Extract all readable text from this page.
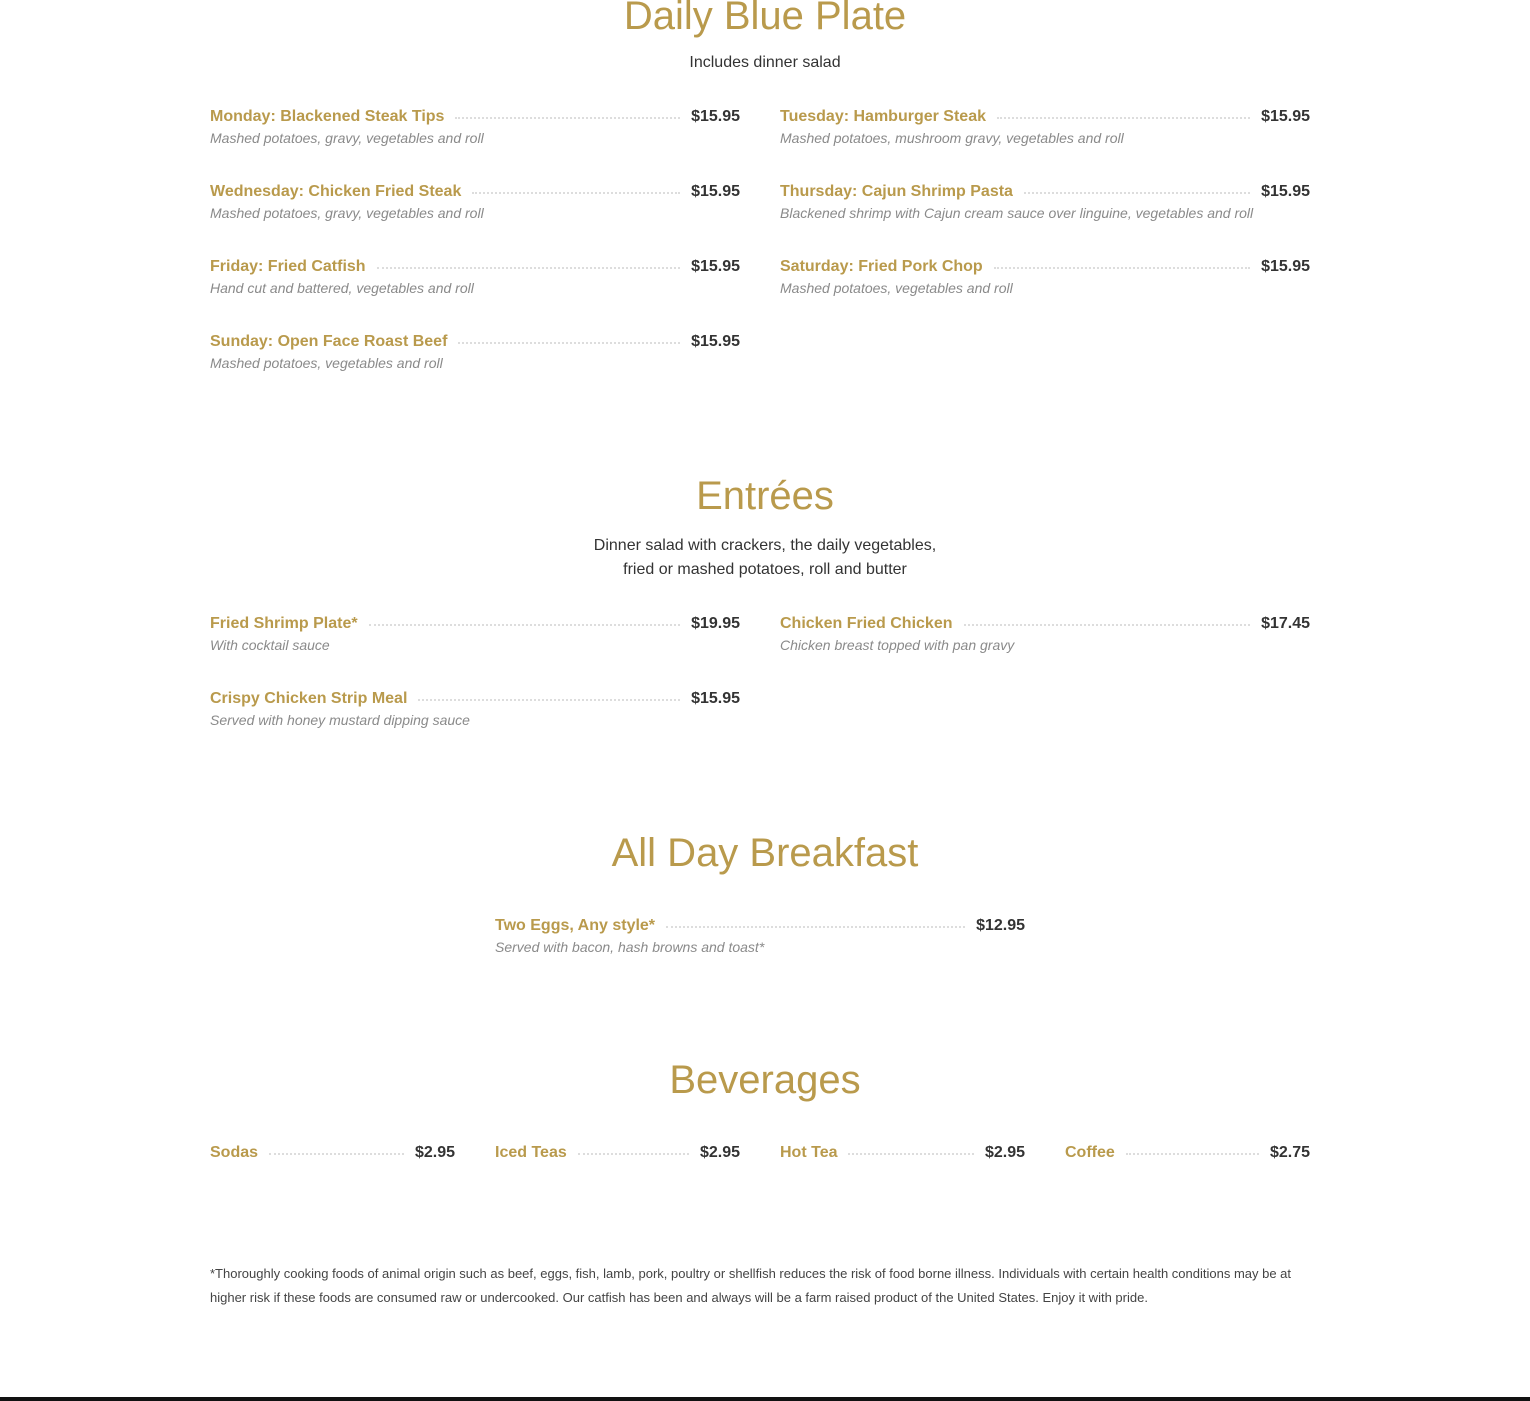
Daily Blue Plate
Includes dinner salad
Monday: Blackened Steak Tips	$15.95
Mashed potatoes, gravy, vegetables and roll
Tuesday: Hamburger Steak	$15.95
Mashed potatoes, mushroom gravy, vegetables and roll
Wednesday: Chicken Fried Steak	$15.95
Mashed potatoes, gravy, vegetables and roll
Thursday: Cajun Shrimp Pasta	$15.95
Blackened shrimp with Cajun cream sauce over linguine, vegetables and roll
Friday: Fried Catfish	$15.95
Hand cut and battered, vegetables and roll
Saturday: Fried Pork Chop	$15.95
Mashed potatoes, vegetables and roll
Sunday: Open Face Roast Beef	$15.95
Mashed potatoes, vegetables and roll
Entrées
Dinner salad with crackers, the daily vegetables,
fried or mashed potatoes, roll and butter
Fried Shrimp Plate*	$19.95
With cocktail sauce
Chicken Fried Chicken	$17.45
Chicken breast topped with pan gravy
Crispy Chicken Strip Meal	$15.95
Served with honey mustard dipping sauce
All Day Breakfast
Two Eggs, Any style*	$12.95
Served with bacon, hash browns and toast*
Beverages
Sodas	$2.95	Iced Teas	$2.95	Hot Tea	$2.95	Coffee	$2.75

*Thoroughly cooking foods of animal origin such as beef, eggs, fish, lamb, pork, poultry or shellfish reduces the risk of food borne illness. Individuals with certain health conditions may be at higher risk if these foods are consumed raw or undercooked. Our catfish has been and always will be a farm raised product of the United States. Enjoy it with pride.
